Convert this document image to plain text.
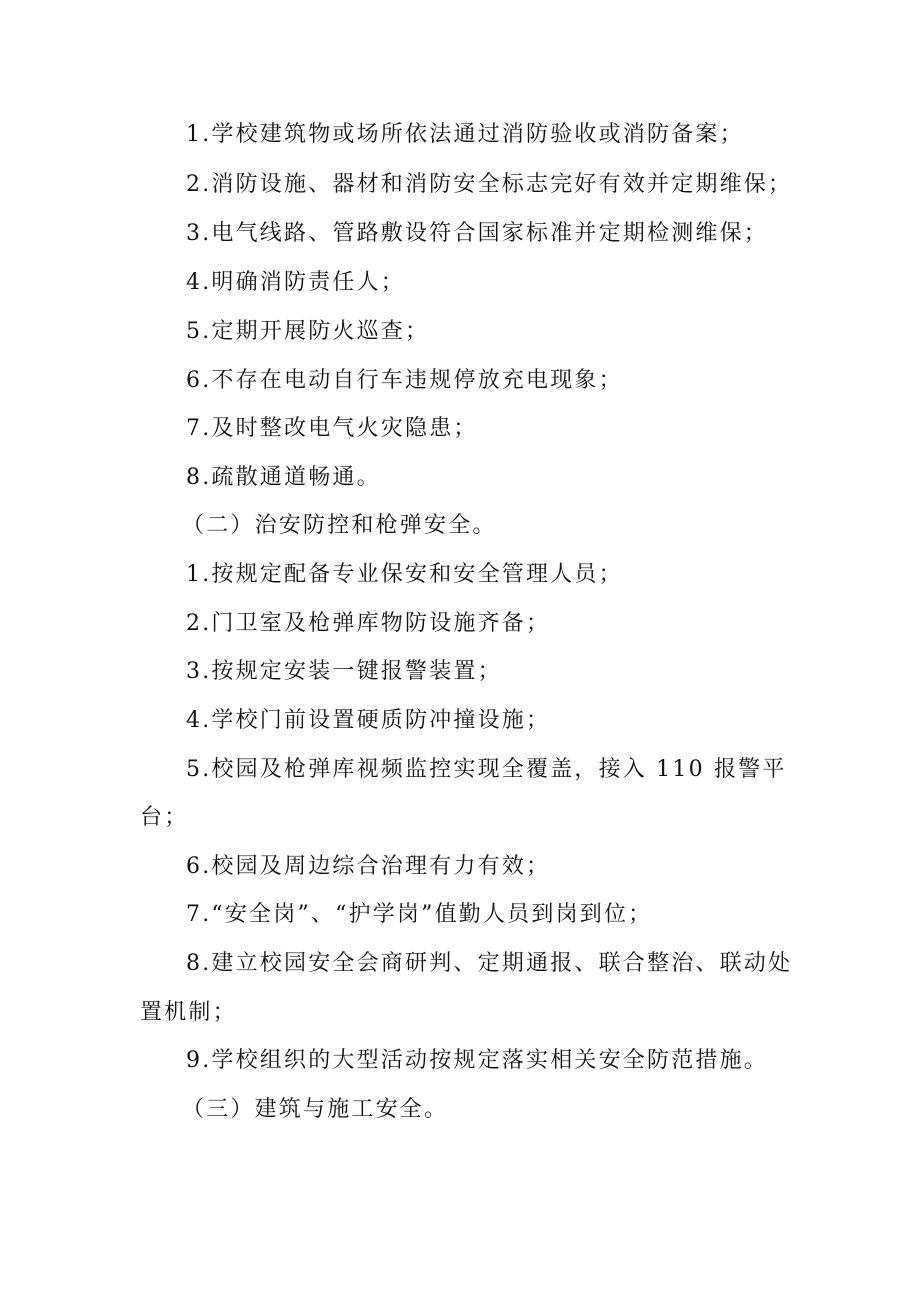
1.学校建筑物或场所依法通过消防验收或消防备案；
2.消防设施、器材和消防安全标志完好有效并定期维保；
3.电气线路、管路敷设符合国家标准并定期检测维保；
4.明确消防责任人；
5.定期开展防火巡查；
6.不存在电动自行车违规停放充电现象；
7.及时整改电气火灾隐患；
8.疏散通道畅通。
（二）治安防控和枪弹安全。
1.按规定配备专业保安和安全管理人员；
2.门卫室及枪弹库物防设施齐备；
3.按规定安装一键报警装置；
4.学校门前设置硬质防冲撞设施；
5.校园及枪弹库视频监控实现全覆盖，接入 110 报警平
台；
6.校园及周边综合治理有力有效；
7.“安全岗”、“护学岗”值勤人员到岗到位；
8.建立校园安全会商研判、定期通报、联合整治、联动处
置机制；
9.学校组织的大型活动按规定落实相关安全防范措施。
（三）建筑与施工安全。
